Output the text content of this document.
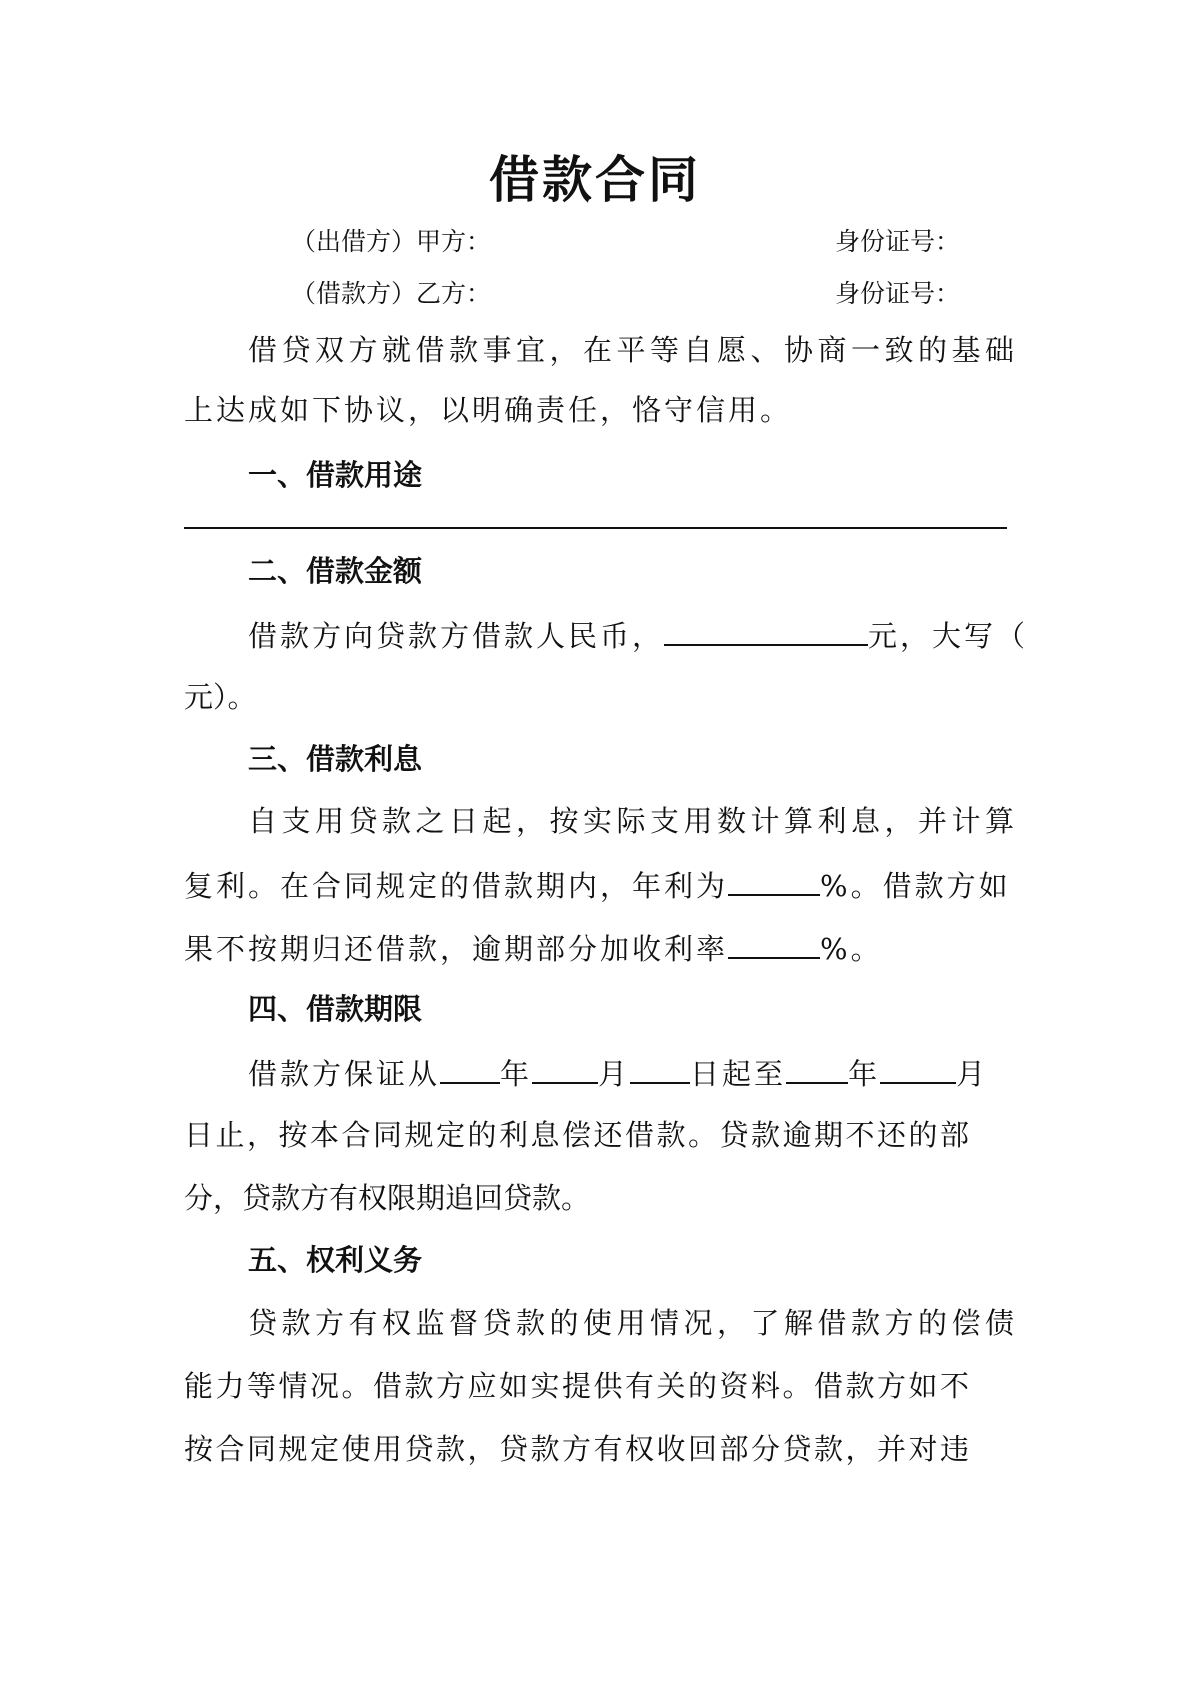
借款合同
（出借方）甲方：	身份证号：
（借款方）乙方：	身份证号：
借贷双方就借款事宜，在平等自愿、协商一致的基础
上达成如下协议，以明确责任，恪守信用。
一、借款用途
二、借款金额
借款方向贷款方借款人民币，	元，大写（
元）。
三、借款利息
自支用贷款之日起，按实际支用数计算利息，并计算
复利。在合同规定的借款期内，年利为	%。借款方如
果不按期归还借款，逾期部分加收利率	%。
四、借款期限
借款方保证从 年 月 日起至 年	月
日止，按本合同规定的利息偿还借款。贷款逾期不还的部
分，贷款方有权限期追回贷款。
五、权利义务
贷款方有权监督贷款的使用情况，了解借款方的偿债
能力等情况。借款方应如实提供有关的资料。借款方如不
按合同规定使用贷款，贷款方有权收回部分贷款，并对违
